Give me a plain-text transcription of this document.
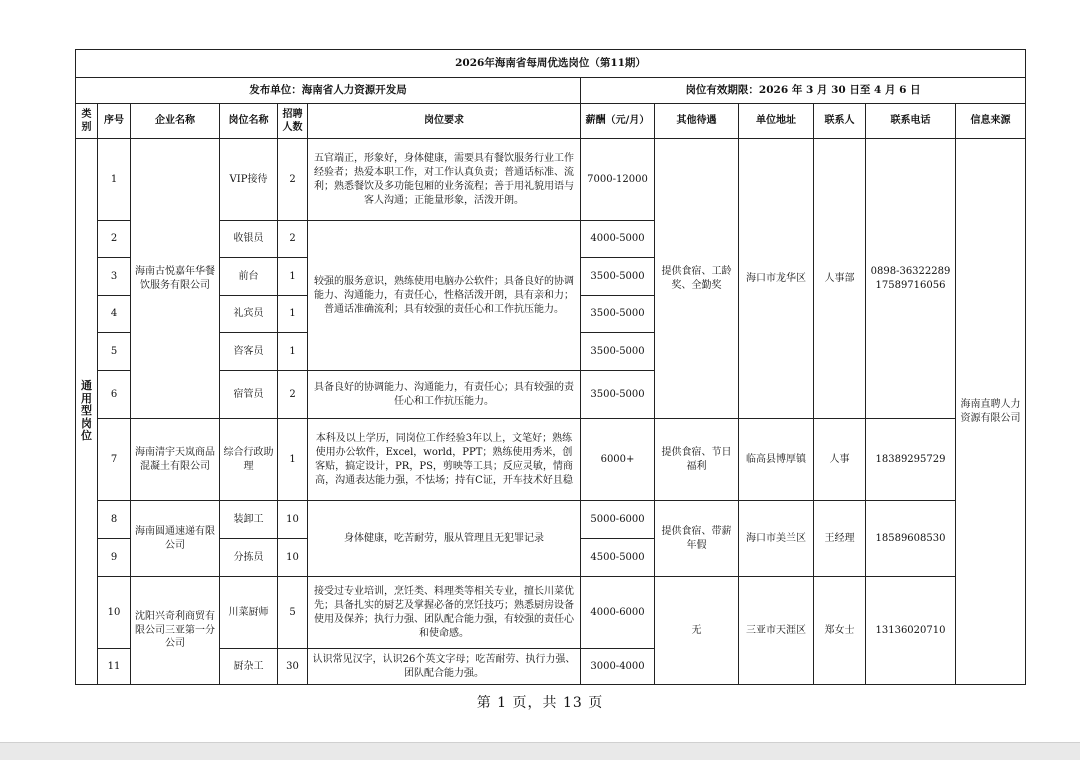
2026年海南省每周优选岗位（第11期）											
发布单位：海南省人力资源开发局						岗位有效期限：2026 年 3 月 30 日至 4 月 6 日					
类别	序号	企业名称	岗位名称	招聘人数	岗位要求	薪酬（元/月）	其他待遇	单位地址	联系人	联系电话	信息来源
通用型岗位	1	海南古悦嘉年华餐饮服务有限公司	VIP接待	2	五官端正，形象好，身体健康，需要具有餐饮服务行业工作经验者；热爱本职工作，对工作认真负责；普通话标准、流利；熟悉餐饮及多功能包厢的业务流程；善于用礼貌用语与客人沟通；正能量形象，活泼开朗。	7000-12000	提供食宿、工龄奖、全勤奖	海口市龙华区	人事部	0898-36322289 17589716056	海南直聘人力资源有限公司
	2		收银员	2	较强的服务意识，熟练使用电脑办公软件；具备良好的协调能力、沟通能力，有责任心，性格活泼开朗，具有亲和力；普通话准确流利；具有较强的责任心和工作抗压能力。	4000-5000					
	3		前台	1		3500-5000					
	4		礼宾员	1		3500-5000					
	5		咨客员	1		3500-5000					
	6		宿管员	2	具备良好的协调能力、沟通能力，有责任心；具有较强的责任心和工作抗压能力。	3500-5000					
	7	海南清宇天岚商品混凝土有限公司	综合行政助理	1	本科及以上学历，同岗位工作经验3年以上，文笔好；熟练使用办公软件，Excel，world，PPT；熟练使用秀米，创客贴，搞定设计，PR，PS，剪映等工具；反应灵敏，情商高，沟通表达能力强，不怯场；持有C证，开车技术好且稳	6000+	提供食宿、节日福利	临高县博厚镇	人事	18389295729	
	8	海南圆通速递有限公司	装卸工	10	身体健康，吃苦耐劳，服从管理且无犯罪记录	5000-6000	提供食宿、带薪年假	海口市美兰区	王经理	18589608530	
	9		分拣员	10		4500-5000					
	10	沈阳兴奇利商贸有限公司三亚第一分公司	川菜厨师	5	接受过专业培训，烹饪类、料理类等相关专业，擅长川菜优先；具备扎实的厨艺及掌握必备的烹饪技巧；熟悉厨房设备使用及保养；执行力强、团队配合能力强，有较强的责任心和使命感。	4000-6000	无	三亚市天涯区	郑女士	13136020710	
	11		厨杂工	30	认识常见汉字，认识26个英文字母；吃苦耐劳、执行力强、团队配合能力强。	3000-4000					
第 1 页，共 13 页
